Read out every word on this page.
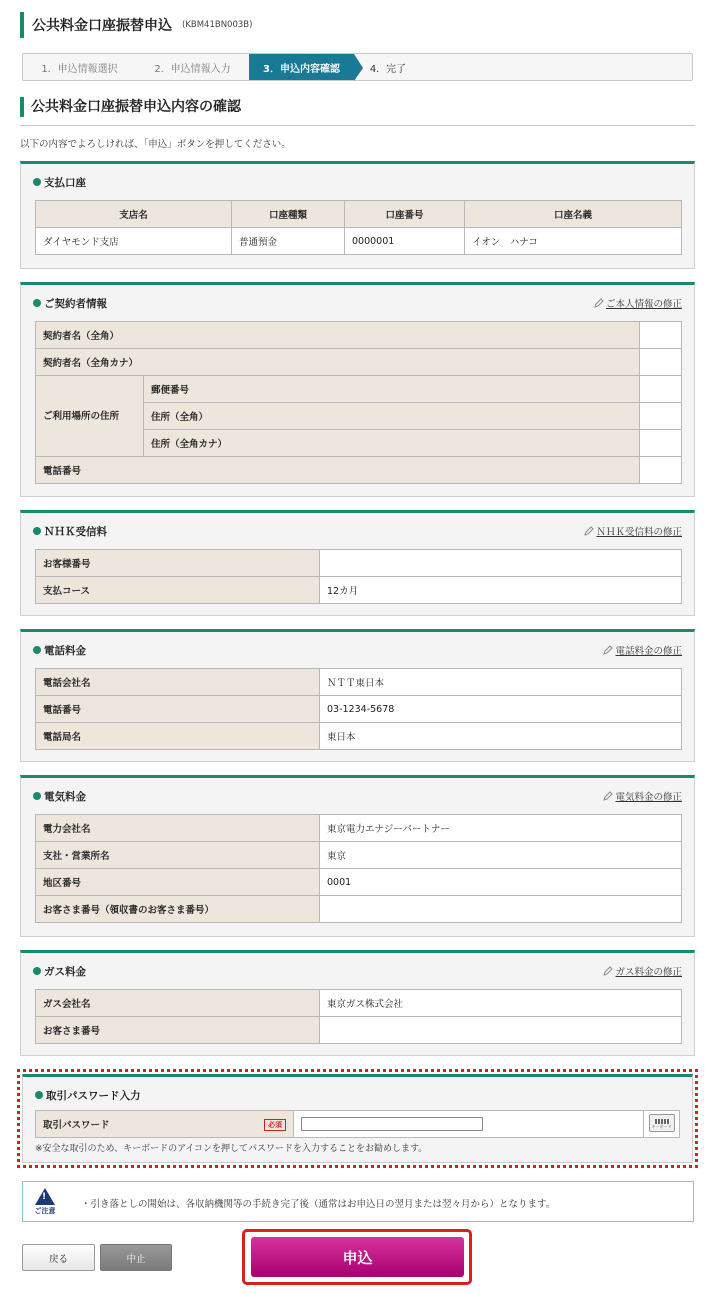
公共料金口座振替申込 (KBM41BN003B)
1．申込情報選択	2．申込情報入力	3．申込内容確認	4．完了
公共料金口座振替申込内容の確認
以下の内容でよろしければ、「申込」ボタンを押してください。
支払口座
支店名	口座種類	口座番号	口座名義
ダイヤモンド支店	普通預金	0000001	イオン　ハナコ
ご契約者情報	ご本人情報の修正
契約者名（全角）		
契約者名（全角カナ）		
ご利用場所の住所	郵便番号	
	住所（全角）	
	住所（全角カナ）	
電話番号		
ＮＨＫ受信料	ＮＨＫ受信料の修正
お客様番号	
支払コース	12カ月
電話料金	電話料金の修正
電話会社名	ＮＴＴ東日本
電話番号	03-1234-5678
電話局名	東日本
電気料金	電気料金の修正
電力会社名	東京電力エナジーパートナー
支社・営業所名	東京
地区番号	0001
お客さま番号（領収書のお客さま番号）	
ガス料金	ガス料金の修正
ガス会社名	東京ガス株式会社
お客さま番号	
取引パスワード入力
取引パスワード	必須		キーボード
※安全な取引のため、キーボードのアイコンを押してパスワードを入力することをお勧めします。
!
ご注意
・引き落としの開始は、各収納機関等の手続き完了後（通常はお申込日の翌月または翌々月から）となります。
戻る	中止	申込
